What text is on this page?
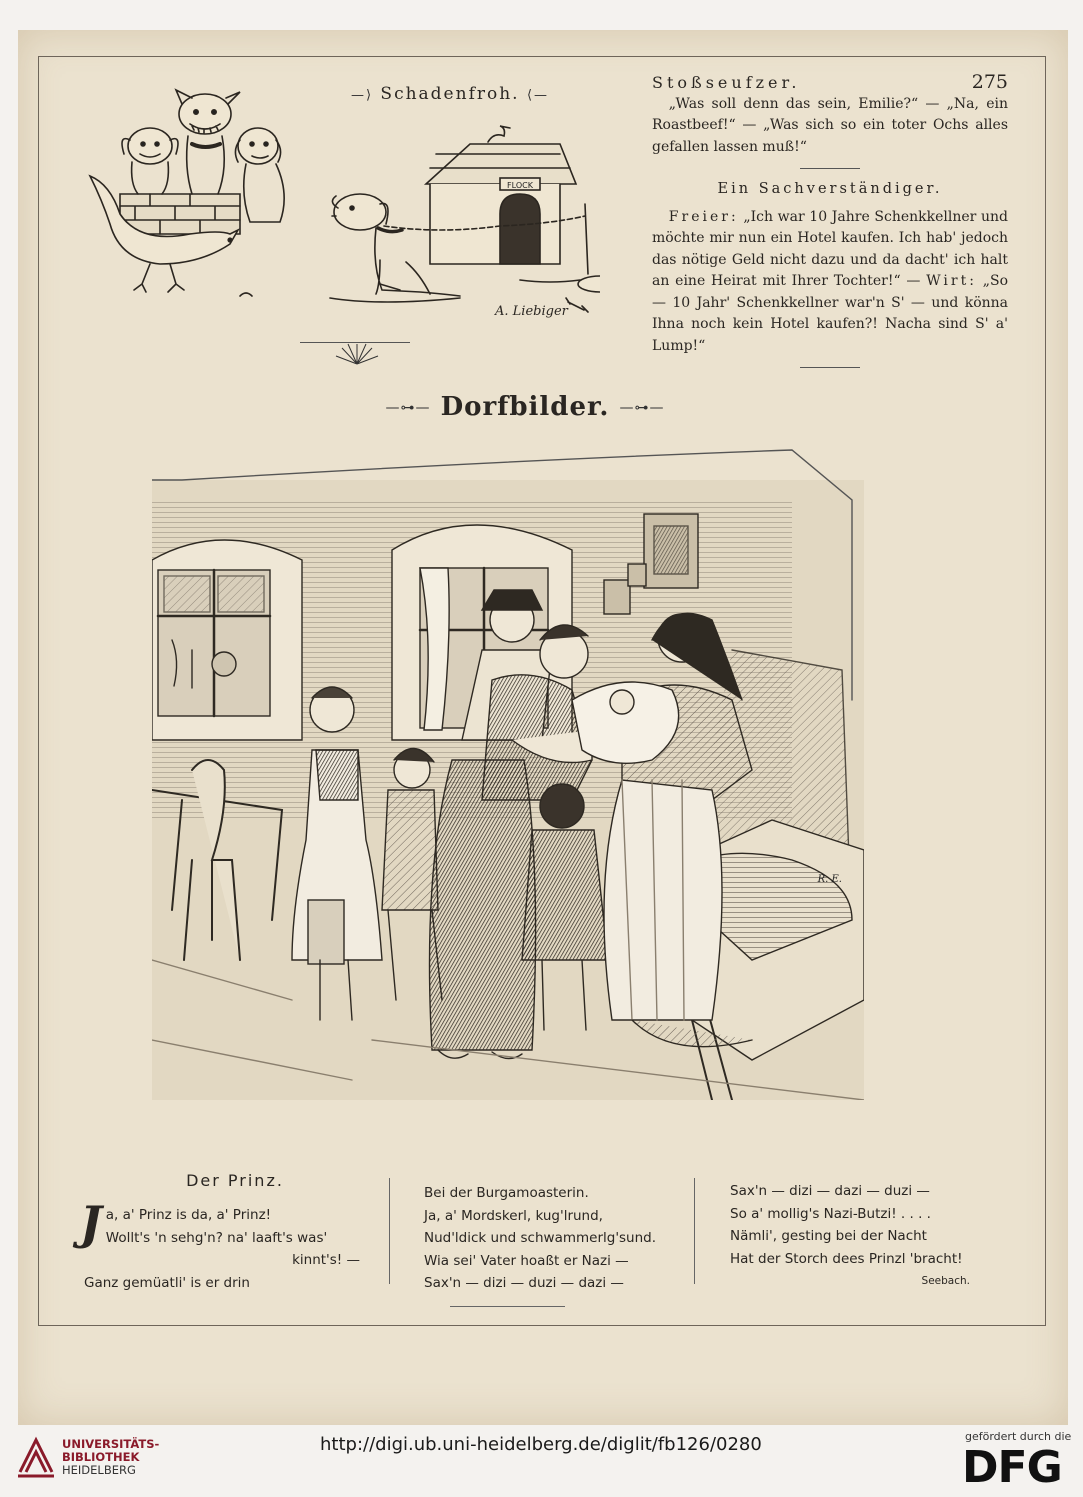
—⟩ Schadenfroh. ⟨—
FLOCK
A. Liebiger
Stoßseufzer.	275

„Was soll denn das sein, Emilie?“ — „Na, ein Roastbeef!“ — „Was sich so ein toter Ochs alles gefallen lassen muß!“

Ein Sachverständiger.

Freier: „Ich war 10 Jahre Schenkkellner und möchte mir nun ein Hotel kaufen. Ich hab' jedoch das nötige Geld nicht dazu und da dacht' ich halt an eine Heirat mit Ihrer Tochter!“ — Wirt: „So — 10 Jahr' Schenkkellner war'n S' — und könna Ihna noch kein Hotel kaufen?! Nacha sind S' a' Lump!“

—⊶— Dorfbilder. —⊶—
R. E.
Der Prinz.
J a, a' Prinz is da, a' Prinz!
Wollt's 'n sehg'n? na' laaft's was'
kinnt's! —
Ganz gemüatli' is er drin
Bei der Burgamoasterin.
Ja, a' Mordskerl, kug'lrund,
Nud'ldick und schwammerlg'sund.
Wia sei' Vater hoaßt er Nazi —
Sax'n — dizi — duzi — dazi —
Sax'n — dizi — dazi — duzi —
So a' mollig's Nazi-Butzi! . . . .
Nämli', gesting bei der Nacht
Hat der Storch dees Prinzl 'bracht!
Seebach.
UNIVERSITÄTS-
BIBLIOTHEK
HEIDELBERG
http://digi.ub.uni-heidelberg.de/diglit/fb126/0280	gefördert durch die
DFG
